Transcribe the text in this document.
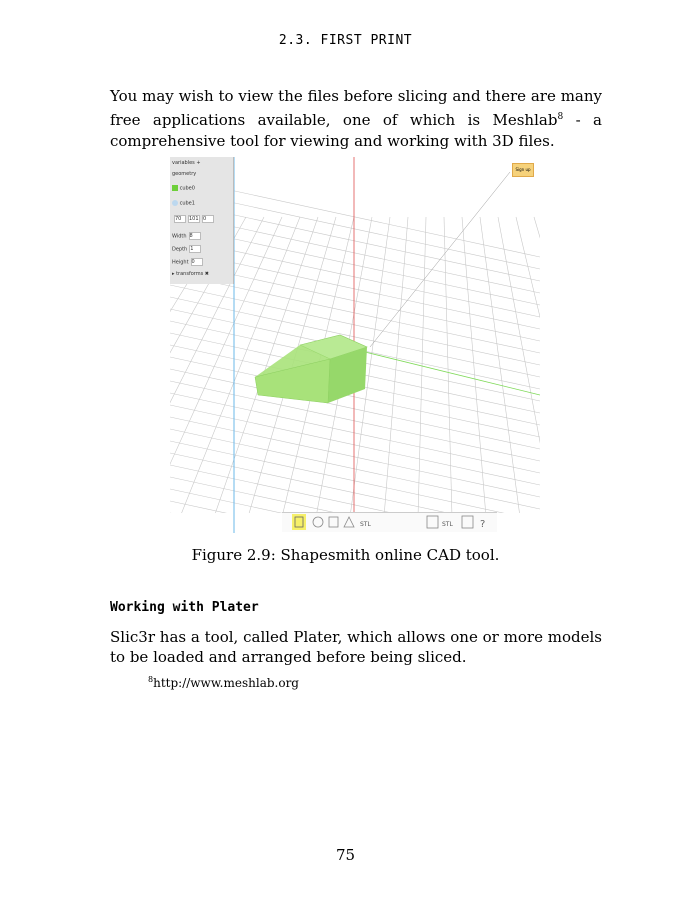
2.3. FIRST PRINT
You may wish to view the files before slicing and there are many free applications available, one of which is Meshlab$^8$ - a comprehensive tool for viewing and working with 3D files.
variables +
geometry
cube0
cube1
70 101 0
Width 8
Depth 1
Height 0
▸ transforms ✖
Sign up
STL	STL	?
Figure 2.9: Shapesmith online CAD tool.
Working with Plater
Slic3r has a tool, called Plater, which allows one or more models to be loaded and arranged before being sliced.
$^8$http://www.meshlab.org
75
